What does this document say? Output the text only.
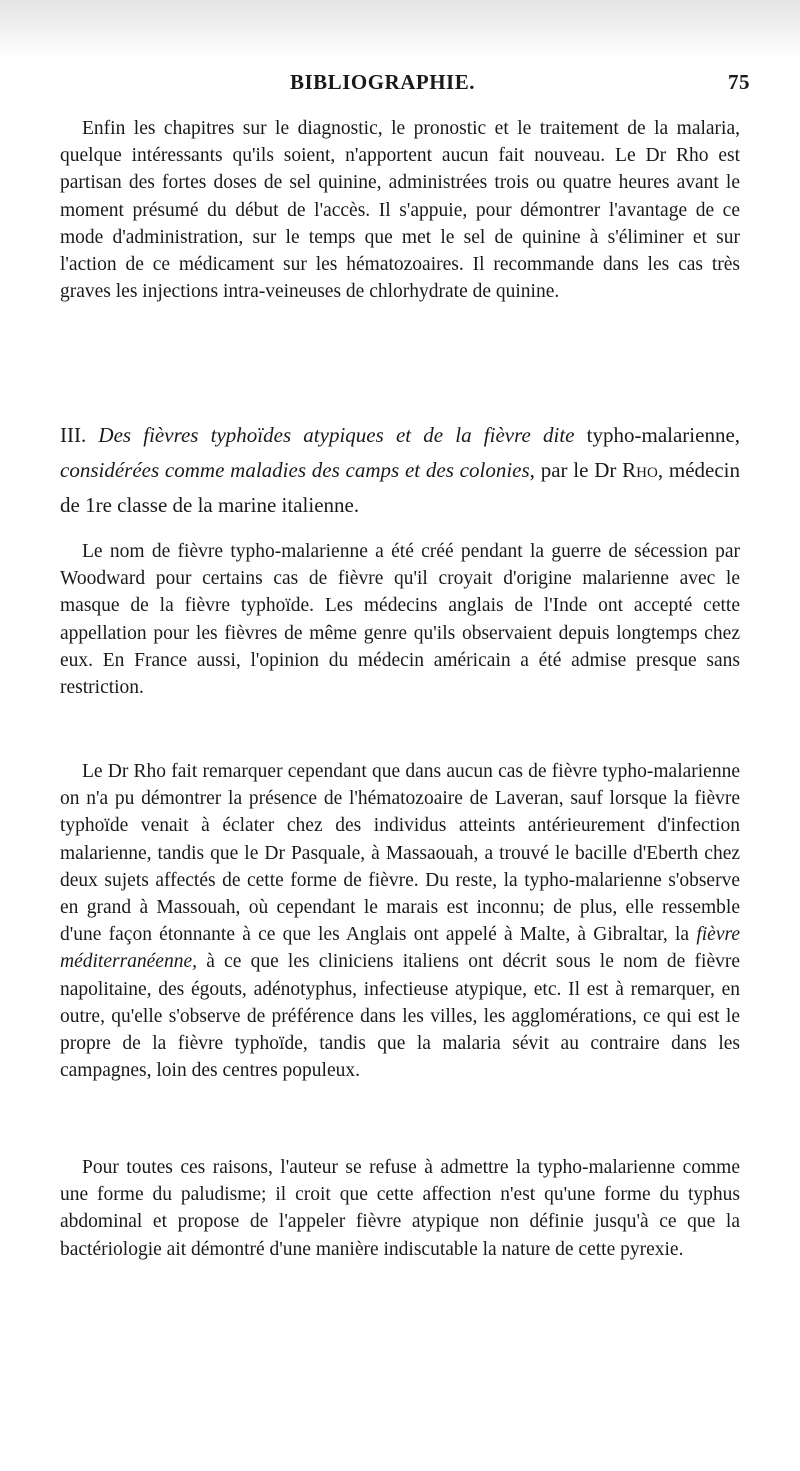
BIBLIOGRAPHIE.	75

Enfin les chapitres sur le diagnostic, le pronostic et le traitement de la malaria, quelque intéressants qu'ils soient, n'apportent aucun fait nouveau. Le Dr Rho est partisan des fortes doses de sel quinine, administrées trois ou quatre heures avant le moment présumé du début de l'accès. Il s'appuie, pour démontrer l'avantage de ce mode d'administration, sur le temps que met le sel de quinine à s'éliminer et sur l'action de ce médicament sur les hématozoaires. Il recommande dans les cas très graves les injections intra-veineuses de chlorhydrate de quinine.

III. Des fièvres typhoïdes atypiques et de la fièvre dite typho-malarienne, considérées comme maladies des camps et des colonies, par le Dr Rho, médecin de 1re classe de la marine italienne.

Le nom de fièvre typho-malarienne a été créé pendant la guerre de sécession par Woodward pour certains cas de fièvre qu'il croyait d'origine malarienne avec le masque de la fièvre typhoïde. Les médecins anglais de l'Inde ont accepté cette appellation pour les fièvres de même genre qu'ils observaient depuis longtemps chez eux. En France aussi, l'opinion du médecin américain a été admise presque sans restriction.

Le Dr Rho fait remarquer cependant que dans aucun cas de fièvre typho-malarienne on n'a pu démontrer la présence de l'hématozoaire de Laveran, sauf lorsque la fièvre typhoïde venait à éclater chez des individus atteints antérieurement d'infection malarienne, tandis que le Dr Pasquale, à Massaouah, a trouvé le bacille d'Eberth chez deux sujets affectés de cette forme de fièvre. Du reste, la typho-malarienne s'observe en grand à Massouah, où cependant le marais est inconnu; de plus, elle ressemble d'une façon étonnante à ce que les Anglais ont appelé à Malte, à Gibraltar, la fièvre méditerranéenne, à ce que les cliniciens italiens ont décrit sous le nom de fièvre napolitaine, des égouts, adénotyphus, infectieuse atypique, etc. Il est à remarquer, en outre, qu'elle s'observe de préférence dans les villes, les agglomérations, ce qui est le propre de la fièvre typhoïde, tandis que la malaria sévit au contraire dans les campagnes, loin des centres populeux.

Pour toutes ces raisons, l'auteur se refuse à admettre la typho-malarienne comme une forme du paludisme; il croit que cette affection n'est qu'une forme du typhus abdominal et propose de l'appeler fièvre atypique non définie jusqu'à ce que la bactériologie ait démontré d'une manière indiscutable la nature de cette pyrexie.
